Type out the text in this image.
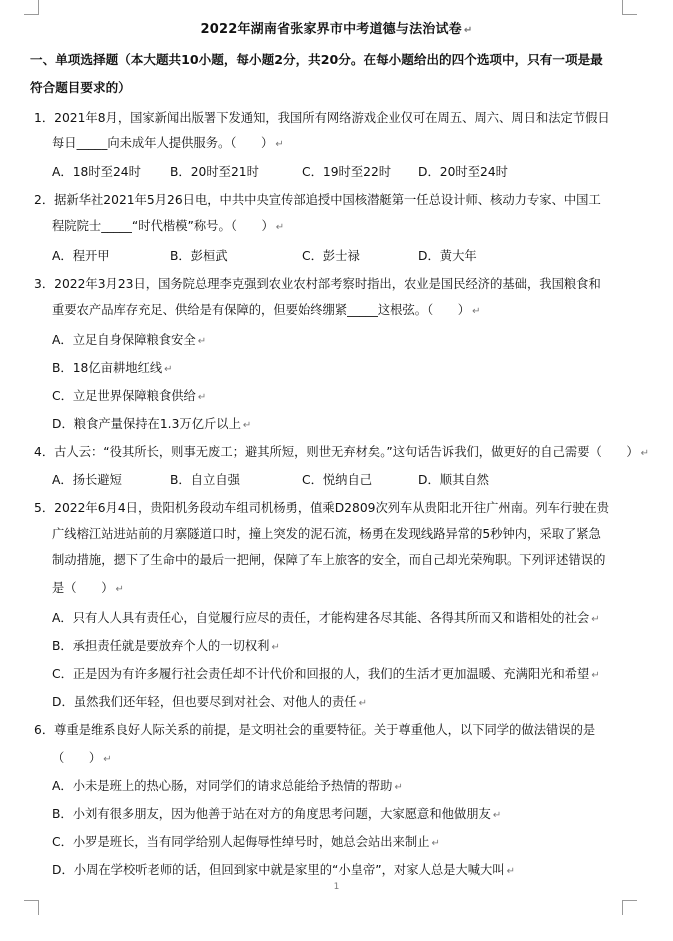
2022年湖南省张家界市中考道德与法治试卷 ↵
一、单项选择题（本大题共10小题，每小题2分，共20分。在每小题给出的四个选项中，只有一项是最
符合题目要求的）
1．2021年8月，国家新闻出版署下发通知，我国所有网络游戏企业仅可在周五、周六、周日和法定节假日
每日_____向未成年人提供服务。（　　） ↵
A．18时至24时 B．20时至21时	C．19时至22时 D．20时至24时
2．据新华社2021年5月26日电，中共中央宣传部追授中国核潜艇第一任总设计师、核动力专家、中国工
程院院士_____“时代楷模”称号。（　　） ↵
A．程开甲	B．彭桓武	C．彭士禄	D．黄大年
3．2022年3月23日，国务院总理李克强到农业农村部考察时指出，农业是国民经济的基础，我国粮食和
重要农产品库存充足、供给是有保障的，但要始终绷紧_____这根弦。（　　） ↵
A．立足自身保障粮食安全 ↵
B．18亿亩耕地红线 ↵
C．立足世界保障粮食供给 ↵
D．粮食产量保持在1.3万亿斤以上 ↵
4．古人云：“役其所长，则事无废工；避其所短，则世无弃材矣。”这句话告诉我们，做更好的自己需要（　　） ↵
A．扬长避短	B．自立自强	C．悦纳自己	D．顺其自然
5．2022年6月4日，贵阳机务段动车组司机杨勇，值乘D2809次列车从贵阳北开往广州南。列车行驶在贵
广线榕江站进站前的月寨隧道口时，撞上突发的泥石流，杨勇在发现线路异常的5秒钟内，采取了紧急
制动措施，摁下了生命中的最后一把闸，保障了车上旅客的安全，而自己却光荣殉职。下列评述错误的
是（　　） ↵
A．只有人人具有责任心，自觉履行应尽的责任，才能构建各尽其能、各得其所而又和谐相处的社会 ↵
B．承担责任就是要放弃个人的一切权利 ↵
C．正是因为有许多履行社会责任却不计代价和回报的人，我们的生活才更加温暖、充满阳光和希望 ↵
D．虽然我们还年轻，但也要尽到对社会、对他人的责任 ↵
6．尊重是维系良好人际关系的前提，是文明社会的重要特征。关于尊重他人，以下同学的做法错误的是
（　　） ↵
A．小未是班上的热心肠，对同学们的请求总能给予热情的帮助 ↵
B．小刘有很多朋友，因为他善于站在对方的角度思考问题，大家愿意和他做朋友 ↵
C．小罗是班长，当有同学给别人起侮辱性绰号时，她总会站出来制止 ↵
D．小周在学校听老师的话，但回到家中就是家里的“小皇帝”，对家人总是大喊大叫 ↵
1
